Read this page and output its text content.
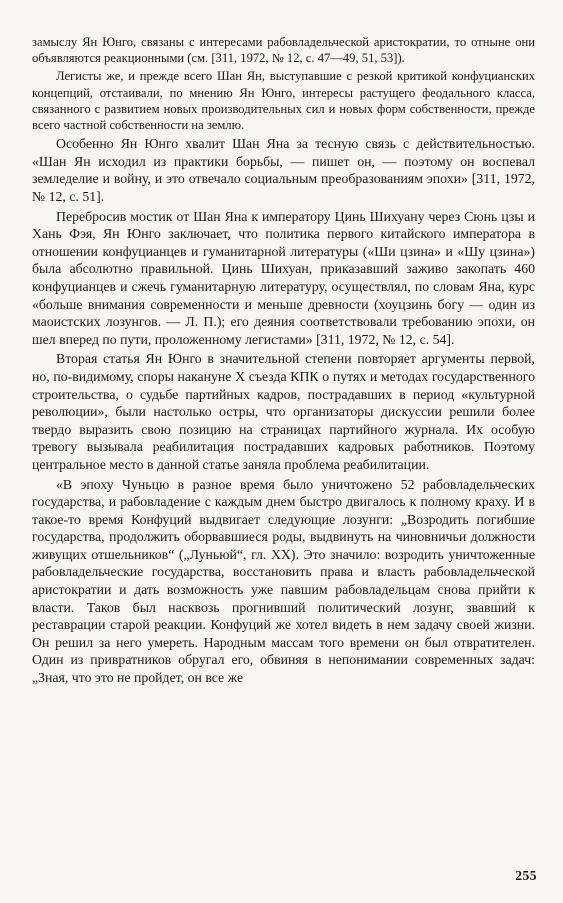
замыслу Ян Юнго, связаны с интересами рабовладельческой аристократии, то отныне они объявляются реакционными (см. [311, 1972, № 12, с. 47—49, 51, 53]).

Легисты же, и прежде всего Шан Ян, выступавшие с резкой критикой конфуцианских концепций, отстаивали, по мнению Ян Юнго, интересы растущего феодального класса, связанного с развитием новых производительных сил и новых форм собственности, прежде всего частной собственности на землю.

Особенно Ян Юнго хвалит Шан Яна за тесную связь с действительностью. «Шан Ян исходил из практики борьбы, — пишет он, — поэтому он воспевал земледелие и войну, и это отвечало социальным преобразованиям эпохи» [311, 1972, № 12, с. 51].

Перебросив мостик от Шан Яна к императору Цинь Шихуану через Сюнь цзы и Хань Фэя, Ян Юнго заключает, что политика первого китайского императора в отношении конфуцианцев и гуманитарной литературы («Ши цзина» и «Шу цзина») была абсолютно правильной. Цинь Шихуан, приказавший заживо закопать 460 конфуцианцев и сжечь гуманитарную литературу, осуществлял, по словам Яна, курс «больше внимания современности и меньше древности (хоуцзинь богу — один из маоистских лозунгов. — Л. П.); его деяния соответствовали требованию эпохи, он шел вперед по пути, проложенному легистами» [311, 1972, № 12, с. 54].

Вторая статья Ян Юнго в значительной степени повторяет аргументы первой, но, по-видимому, споры накануне X съезда КПК о путях и методах государственного строительства, о судьбе партийных кадров, пострадавших в период «культурной революции», были настолько остры, что организаторы дискуссии решили более твердо выразить свою позицию на страницах партийного журнала. Их особую тревогу вызывала реабилитация пострадавших кадровых работников. Поэтому центральное место в данной статье заняла проблема реабилитации.

«В эпоху Чуньцю в разное время было уничтожено 52 рабовладельческих государства, и рабовладение с каждым днем быстро двигалось к полному краху. И в такое-то время Конфуций выдвигает следующие лозунги: „Возродить погибшие государства, продолжить оборвавшиеся роды, выдвинуть на чиновничьи должности живущих отшельников“ („Луньюй“, гл. XX). Это значило: возродить уничтоженные рабовладельческие государства, восстановить права и власть рабовладельческой аристократии и дать возможность уже павшим рабовладельцам снова прийти к власти. Таков был насквозь прогнивший политический лозунг, звавший к реставрации старой реакции. Конфуций же хотел видеть в нем задачу своей жизни. Он решил за него умереть. Народным массам того времени он был отвратителен. Один из привратников обругал его, обвиняя в непонимании современных задач: „Зная, что это не пройдет, он все же

255
